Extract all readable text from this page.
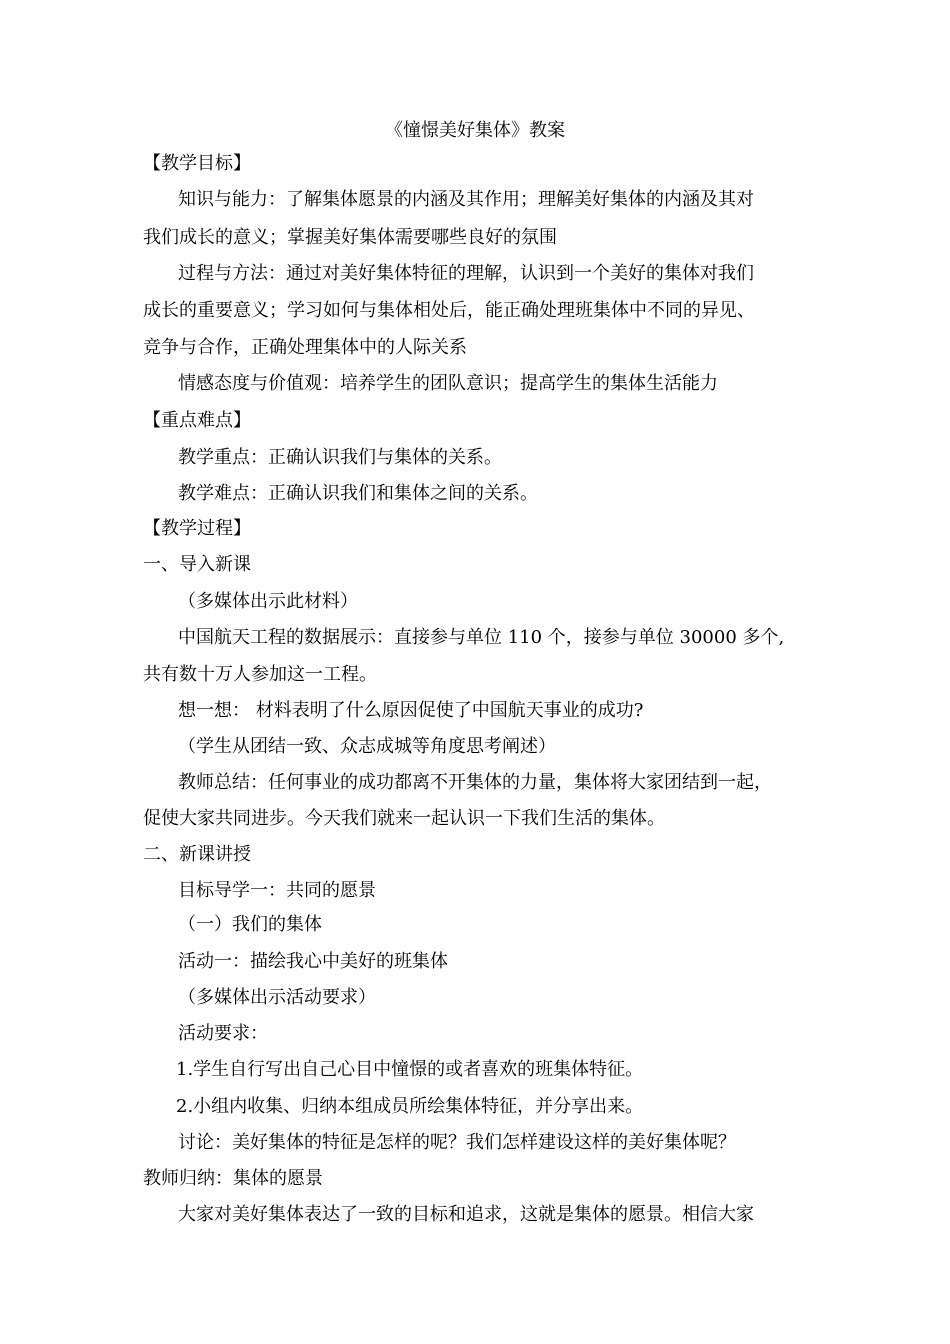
《憧憬美好集体》教案
【教学目标】
知识与能力：了解集体愿景的内涵及其作用；理解美好集体的内涵及其对
我们成长的意义；掌握美好集体需要哪些良好的氛围
过程与方法：通过对美好集体特征的理解，认识到一个美好的集体对我们
成长的重要意义；学习如何与集体相处后，能正确处理班集体中不同的异见、
竞争与合作，正确处理集体中的人际关系
情感态度与价值观：培养学生的团队意识；提高学生的集体生活能力
【重点难点】
教学重点：正确认识我们与集体的关系。
教学难点：正确认识我们和集体之间的关系。
【教学过程】
一、导入新课
（多媒体出示此材料）
中国航天工程的数据展示：直接参与单位 110 个，接参与单位 30000 多个,
共有数十万人参加这一工程。
想一想： 材料表明了什么原因促使了中国航天事业的成功?
（学生从团结一致、众志成城等角度思考阐述）
教师总结：任何事业的成功都离不开集体的力量，集体将大家团结到一起，
促使大家共同进步。今天我们就来一起认识一下我们生活的集体。
二、新课讲授
目标导学一：共同的愿景
（一）我们的集体
活动一：描绘我心中美好的班集体
（多媒体出示活动要求）
活动要求：
1.学生自行写出自己心目中憧憬的或者喜欢的班集体特征。
2.小组内收集、归纳本组成员所绘集体特征，并分享出来。
讨论：美好集体的特征是怎样的呢？我们怎样建设这样的美好集体呢？
教师归纳：集体的愿景
大家对美好集体表达了一致的目标和追求，这就是集体的愿景。相信大家
